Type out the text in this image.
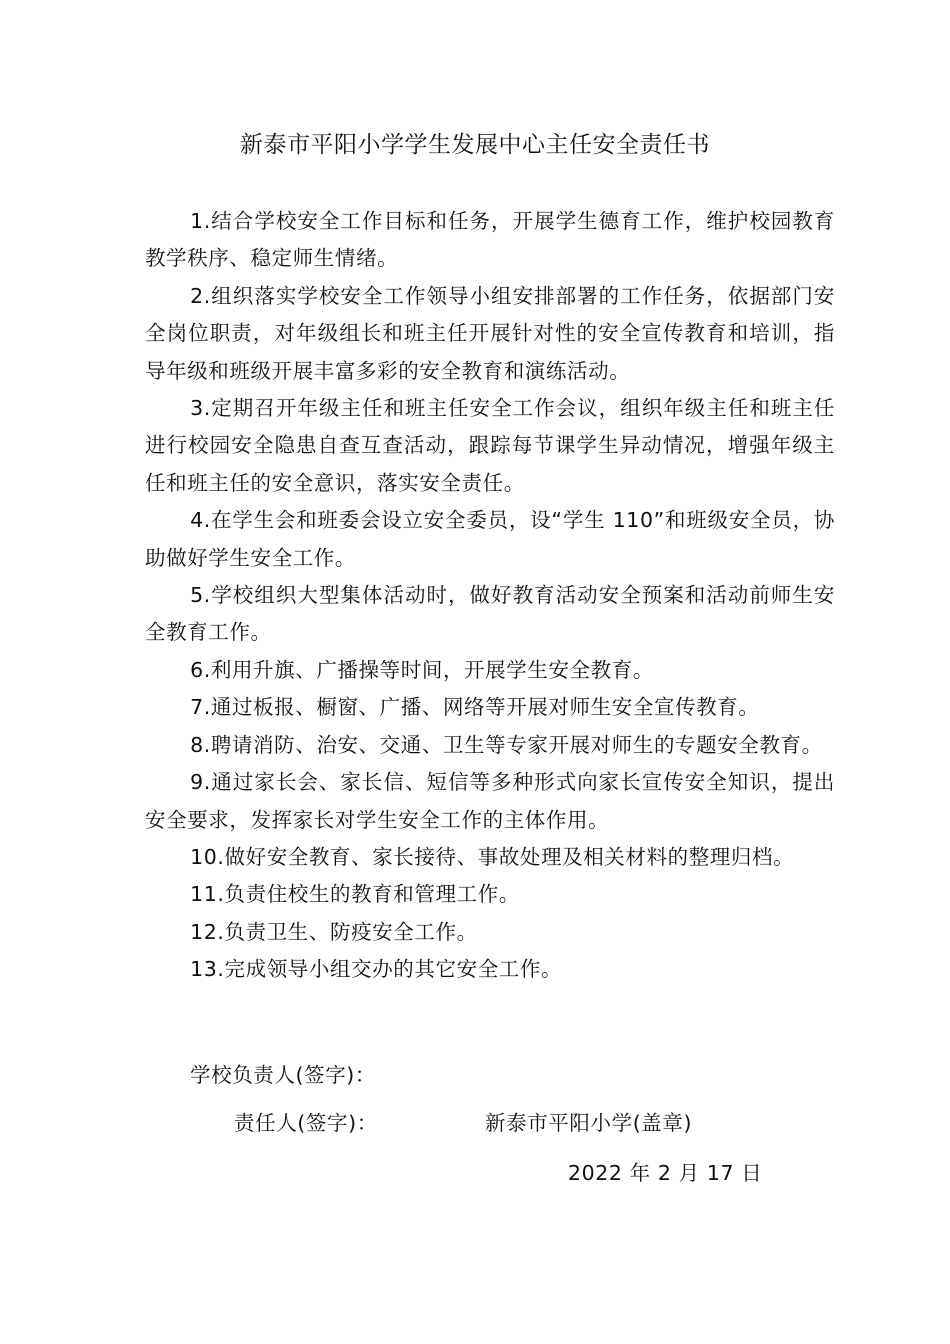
新泰市平阳小学学生发展中心主任安全责任书

1.结合学校安全工作目标和任务，开展学生德育工作，维护校园教育教学秩序、稳定师生情绪。

2.组织落实学校安全工作领导小组安排部署的工作任务，依据部门安全岗位职责，对年级组长和班主任开展针对性的安全宣传教育和培训，指导年级和班级开展丰富多彩的安全教育和演练活动。

3.定期召开年级主任和班主任安全工作会议，组织年级主任和班主任进行校园安全隐患自查互查活动，跟踪每节课学生异动情况，增强年级主任和班主任的安全意识，落实安全责任。

4.在学生会和班委会设立安全委员，设“学生 110”和班级安全员，协助做好学生安全工作。

5.学校组织大型集体活动时，做好教育活动安全预案和活动前师生安全教育工作。

6.利用升旗、广播操等时间，开展学生安全教育。

7.通过板报、橱窗、广播、网络等开展对师生安全宣传教育。

8.聘请消防、治安、交通、卫生等专家开展对师生的专题安全教育。

9.通过家长会、家长信、短信等多种形式向家长宣传安全知识，提出安全要求，发挥家长对学生安全工作的主体作用。

10.做好安全教育、家长接待、事故处理及相关材料的整理归档。

11.负责住校生的教育和管理工作。

12.负责卫生、防疫安全工作。

13.完成领导小组交办的其它安全工作。

学校负责人(签字)：
责任人(签字)：	新泰市平阳小学(盖章)
2022 年 2 月 17 日
